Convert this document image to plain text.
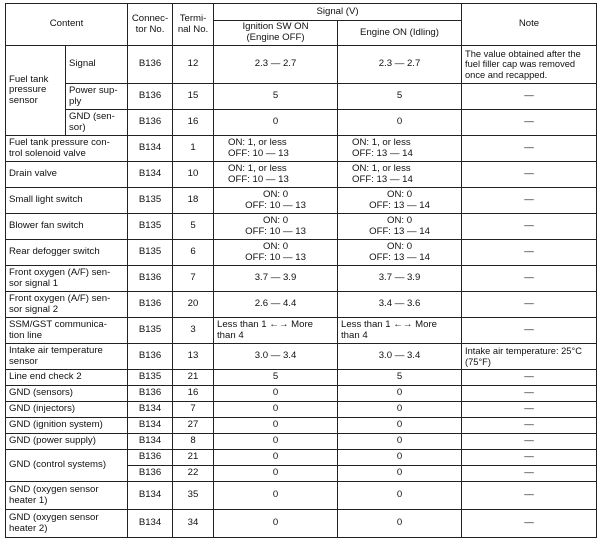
Content		Connec-
tor No.	Termi-
nal No.	Signal (V)		Note

				Ignition SW ON
(Engine OFF)	Engine ON (Idling)	

Fuel tank
pressure
sensor	Signal	B136	12	2.3 — 2.7	2.3 — 2.7	The value obtained after the fuel filler cap was removed once and recapped.

	Power sup-
ply	B136	15	5	5	—

	GND (sen-
sor)	B136	16	0	0	—

Fuel tank pressure con-
trol solenoid valve		B134	1	ON: 1, or less
OFF: 10 — 13	ON: 1, or less
OFF: 13 — 14	—

Drain valve		B134	10	ON: 1, or less
OFF: 10 — 13	ON: 1, or less
OFF: 13 — 14	—

Small light switch		B135	18	ON: 0
OFF: 10 — 13	ON: 0
OFF: 13 — 14	—

Blower fan switch		B135	5	ON: 0
OFF: 10 — 13	ON: 0
OFF: 13 — 14	—

Rear defogger switch		B135	6	ON: 0
OFF: 10 — 13	ON: 0
OFF: 13 — 14	—

Front oxygen (A/F) sen-
sor signal 1		B136	7	3.7 — 3.9	3.7 — 3.9	—

Front oxygen (A/F) sen-
sor signal 2		B136	20	2.6 — 4.4	3.4 — 3.6	—

SSM/GST communica-
tion line		B135	3	Less than 1 ←→ More
than 4	Less than 1 ←→ More
than 4	—

Intake air temperature
sensor		B136	13	3.0 — 3.4	3.0 — 3.4	Intake air temperature: 25°C (75°F)

Line end check 2		B135	21	5	5	—

GND (sensors)		B136	16	0	0	—

GND (injectors)		B134	7	0	0	—

GND (ignition system)		B134	27	0	0	—

GND (power supply)		B134	8	0	0	—

GND (control systems)		B136	21	0	0	—

		B136	22	0	0	—

GND (oxygen sensor
heater 1)		B134	35	0	0	—

GND (oxygen sensor
heater 2)		B134	34	0	0	—
